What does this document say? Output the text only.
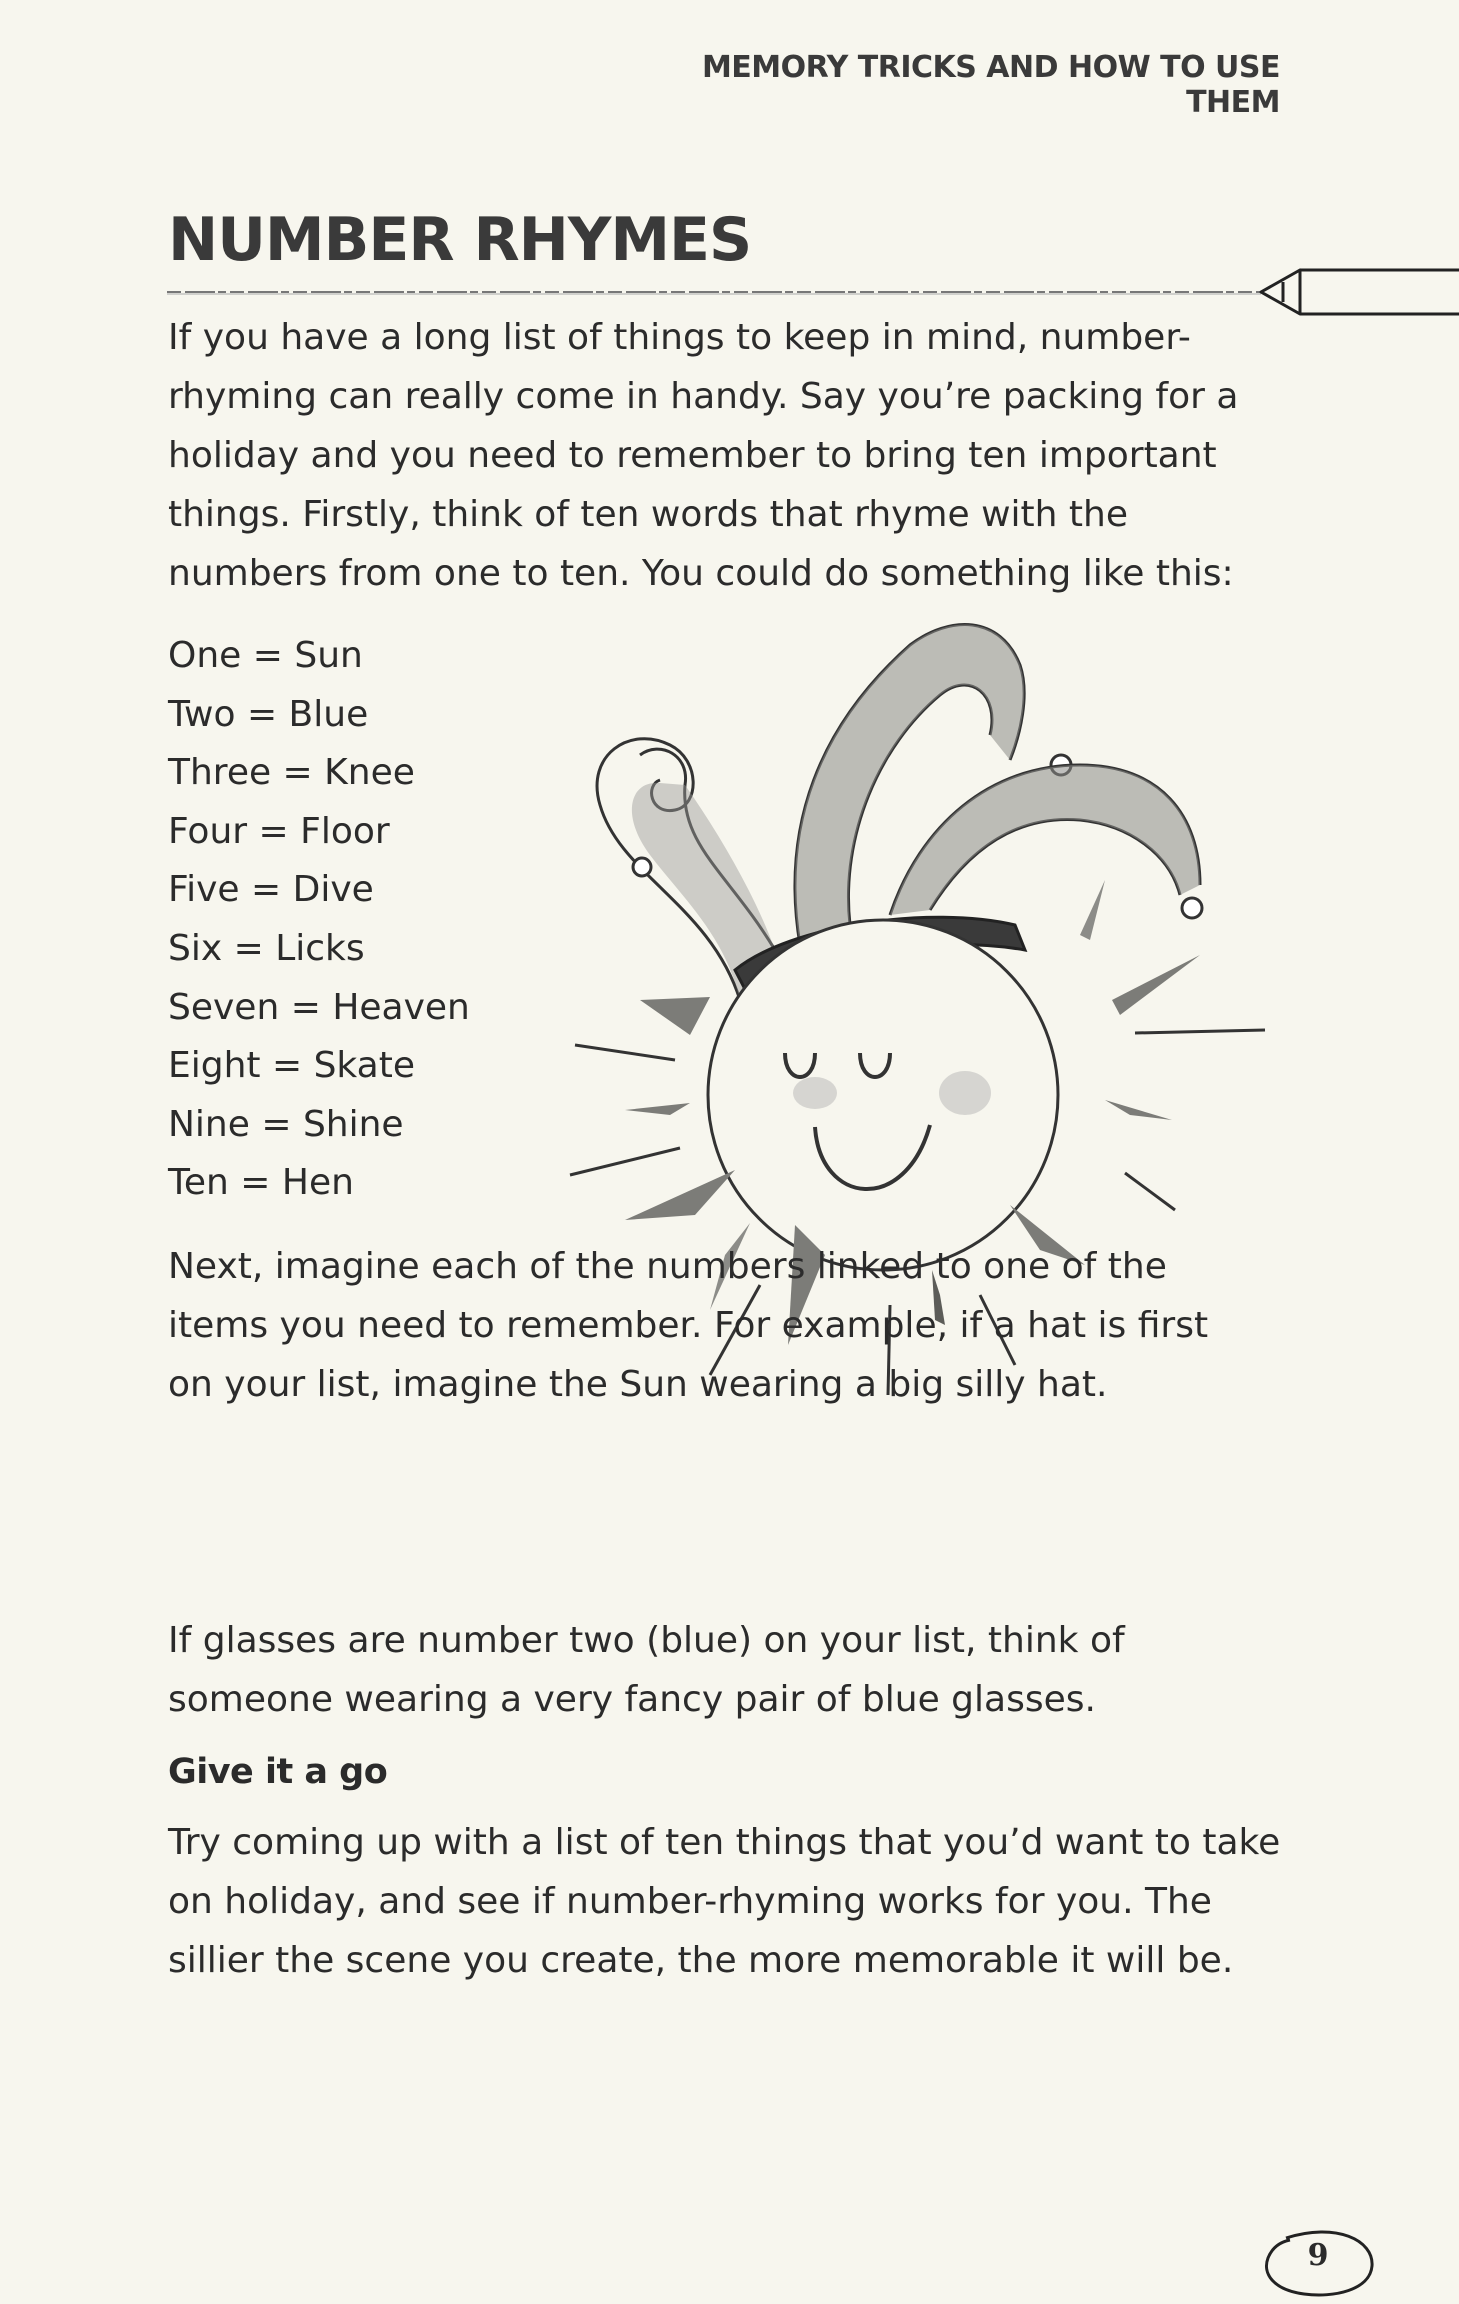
MEMORY TRICKS AND HOW TO USE THEM
NUMBER RHYMES

If you have a long list of things to keep in mind, number-rhyming can really come in handy. Say you’re packing for a holiday and you need to remember to bring ten important things. Firstly, think of ten words that rhyme with the numbers from one to ten. You could do something like this:

One = Sun
Two = Blue
Three = Knee
Four = Floor
Five = Dive
Six = Licks
Seven = Heaven
Eight = Skate
Nine = Shine
Ten = Hen

Next, imagine each of the numbers linked to one of the items you need to remember. For example, if a hat is first on your list, imagine the Sun wearing a big silly hat.

If glasses are number two (blue) on your list, think of someone wearing a very fancy pair of blue glasses.

Give it a go

Try coming up with a list of ten things that you’d want to take on holiday, and see if number-rhyming works for you. The sillier the scene you create, the more memorable it will be.

9
